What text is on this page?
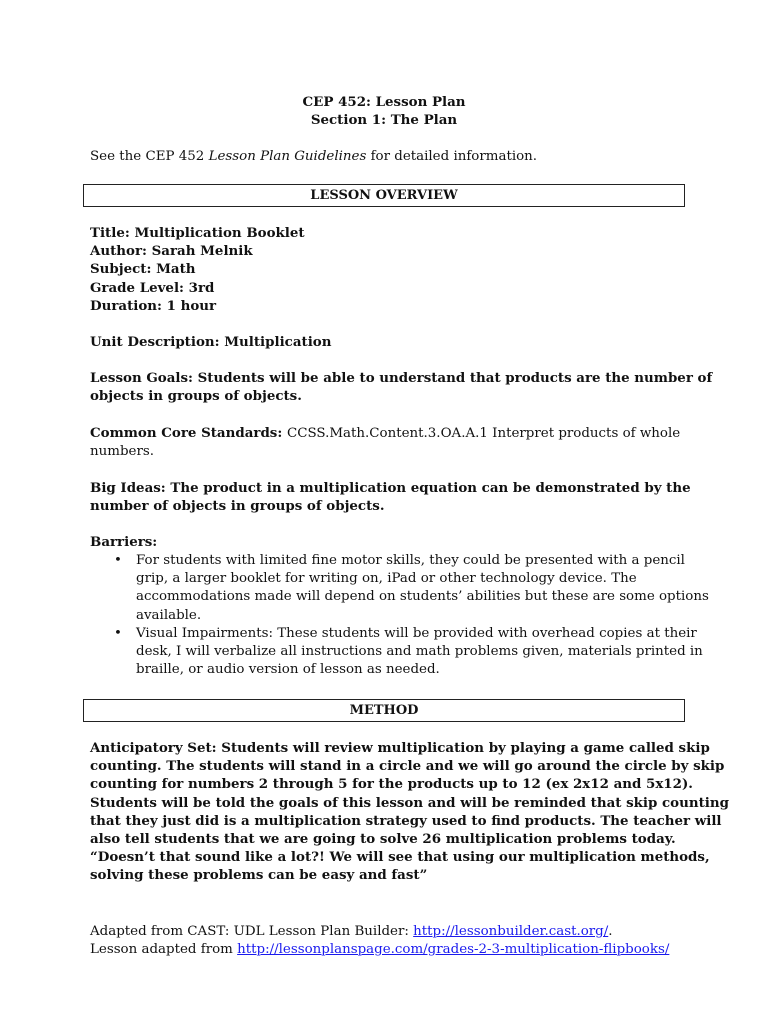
CEP 452: Lesson Plan
Section 1: The Plan
See the CEP 452 Lesson Plan Guidelines for detailed information.
LESSON OVERVIEW
Title: Multiplication Booklet
Author: Sarah Melnik
Subject: Math
Grade Level: 3rd
Duration: 1 hour
Unit Description: Multiplication
Lesson Goals: Students will be able to understand that products are the number of
objects in groups of objects.
Common Core Standards: CCSS.Math.Content.3.OA.A.1 Interpret products of whole
numbers.
Big Ideas: The product in a multiplication equation can be demonstrated by the
number of objects in groups of objects.
Barriers:
• For students with limited fine motor skills, they could be presented with a pencil
grip, a larger booklet for writing on, iPad or other technology device. The
accommodations made will depend on students’ abilities but these are some options
available.
• Visual Impairments: These students will be provided with overhead copies at their
desk, I will verbalize all instructions and math problems given, materials printed in
braille, or audio version of lesson as needed.
METHOD
Anticipatory Set: Students will review multiplication by playing a game called skip
counting. The students will stand in a circle and we will go around the circle by skip
counting for numbers 2 through 5 for the products up to 12 (ex 2x12 and 5x12).
Students will be told the goals of this lesson and will be reminded that skip counting
that they just did is a multiplication strategy used to find products. The teacher will
also tell students that we are going to solve 26 multiplication problems today.
“Doesn’t that sound like a lot?! We will see that using our multiplication methods,
solving these problems can be easy and fast”
Adapted from CAST: UDL Lesson Plan Builder: http://lessonbuilder.cast.org/.
Lesson adapted from http://lessonplanspage.com/grades-2-3-multiplication-flipbooks/
